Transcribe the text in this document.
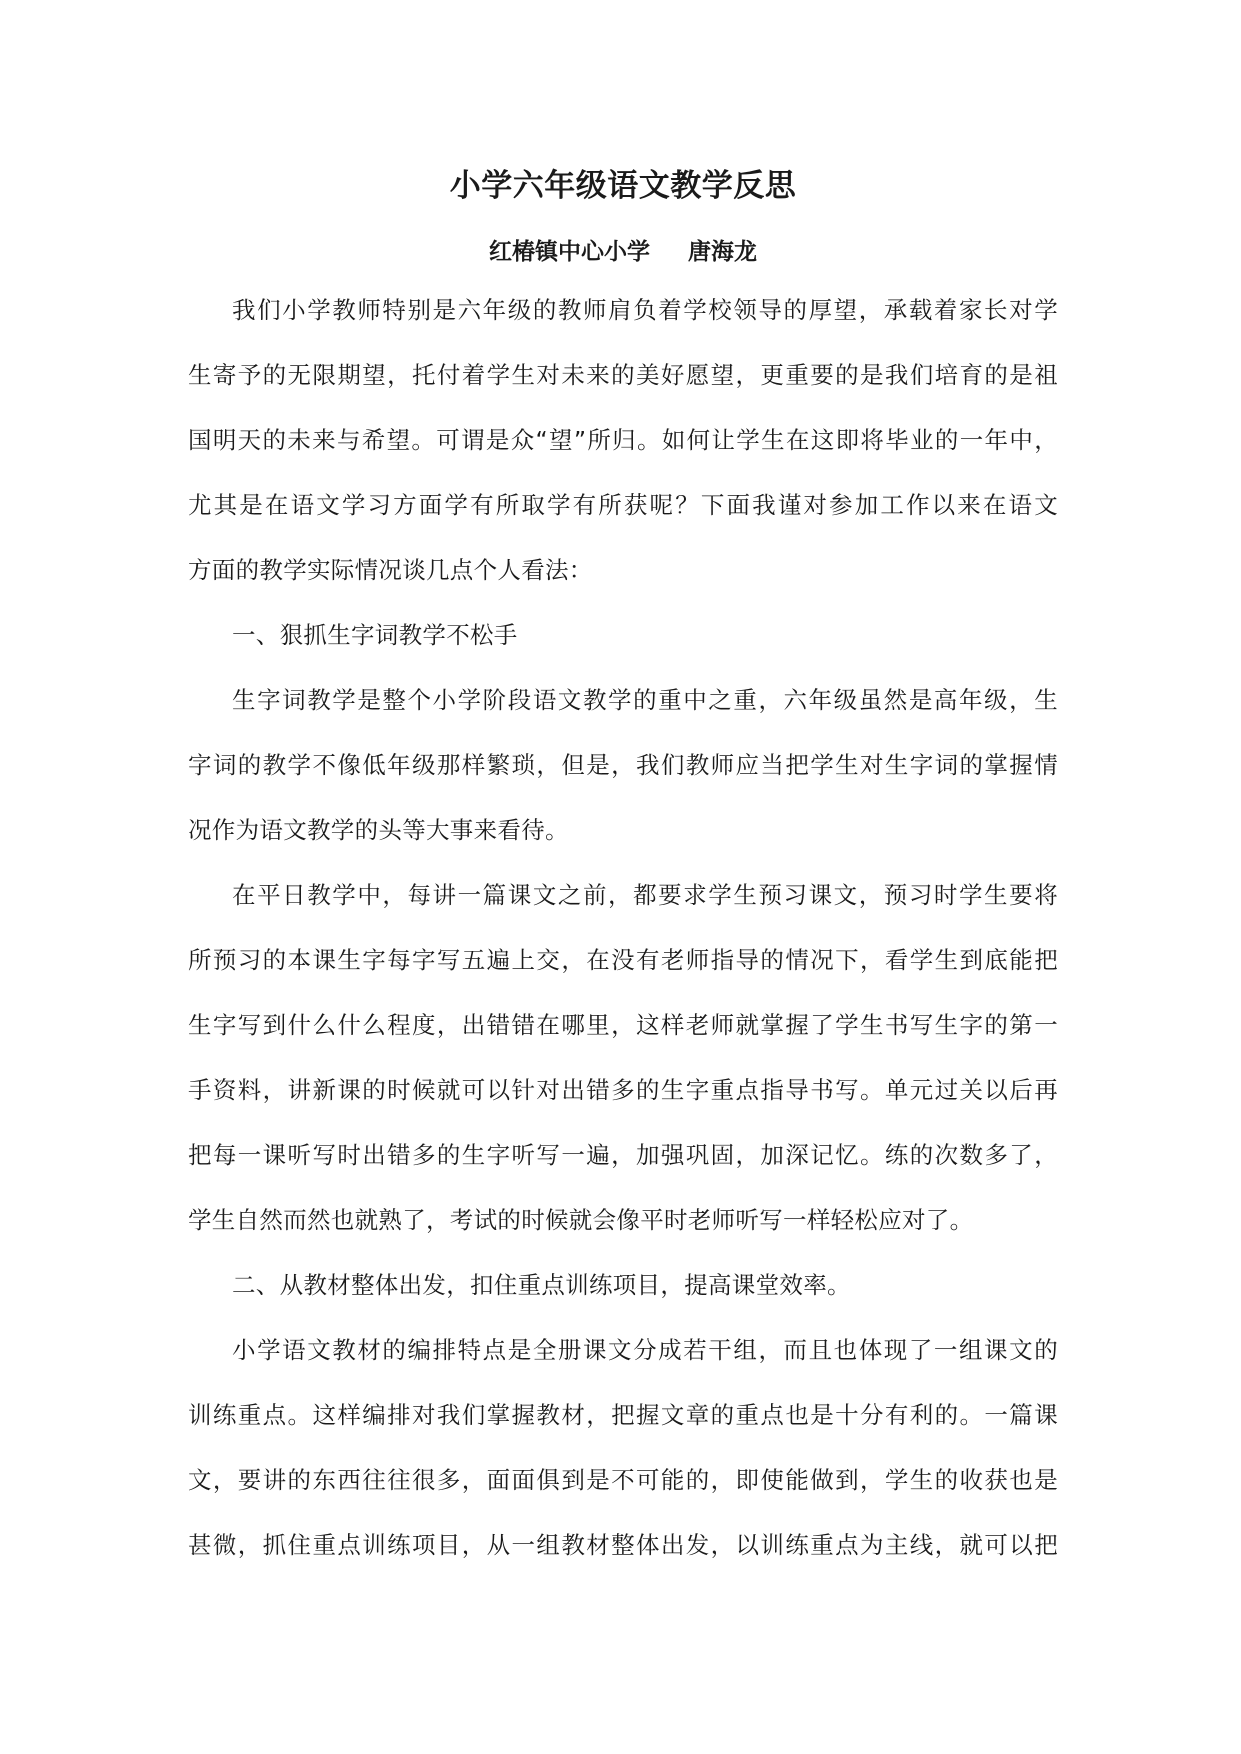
小学六年级语文教学反思
红椿镇中心小学 唐海龙
我们小学教师特别是六年级的教师肩负着学校领导的厚望，承载着家长对学
生寄予的无限期望，托付着学生对未来的美好愿望，更重要的是我们培育的是祖
国明天的未来与希望。可谓是众“望”所归。如何让学生在这即将毕业的一年中，
尤其是在语文学习方面学有所取学有所获呢？下面我谨对参加工作以来在语文
方面的教学实际情况谈几点个人看法：
一、狠抓生字词教学不松手
生字词教学是整个小学阶段语文教学的重中之重，六年级虽然是高年级，生
字词的教学不像低年级那样繁琐，但是，我们教师应当把学生对生字词的掌握情
况作为语文教学的头等大事来看待。
在平日教学中，每讲一篇课文之前，都要求学生预习课文，预习时学生要将
所预习的本课生字每字写五遍上交，在没有老师指导的情况下，看学生到底能把
生字写到什么什么程度，出错错在哪里，这样老师就掌握了学生书写生字的第一
手资料，讲新课的时候就可以针对出错多的生字重点指导书写。单元过关以后再
把每一课听写时出错多的生字听写一遍，加强巩固，加深记忆。练的次数多了，
学生自然而然也就熟了，考试的时候就会像平时老师听写一样轻松应对了。
二、从教材整体出发，扣住重点训练项目，提高课堂效率。
小学语文教材的编排特点是全册课文分成若干组，而且也体现了一组课文的
训练重点。这样编排对我们掌握教材，把握文章的重点也是十分有利的。一篇课
文，要讲的东西往往很多，面面俱到是不可能的，即使能做到，学生的收获也是
甚微，抓住重点训练项目，从一组教材整体出发，以训练重点为主线，就可以把
